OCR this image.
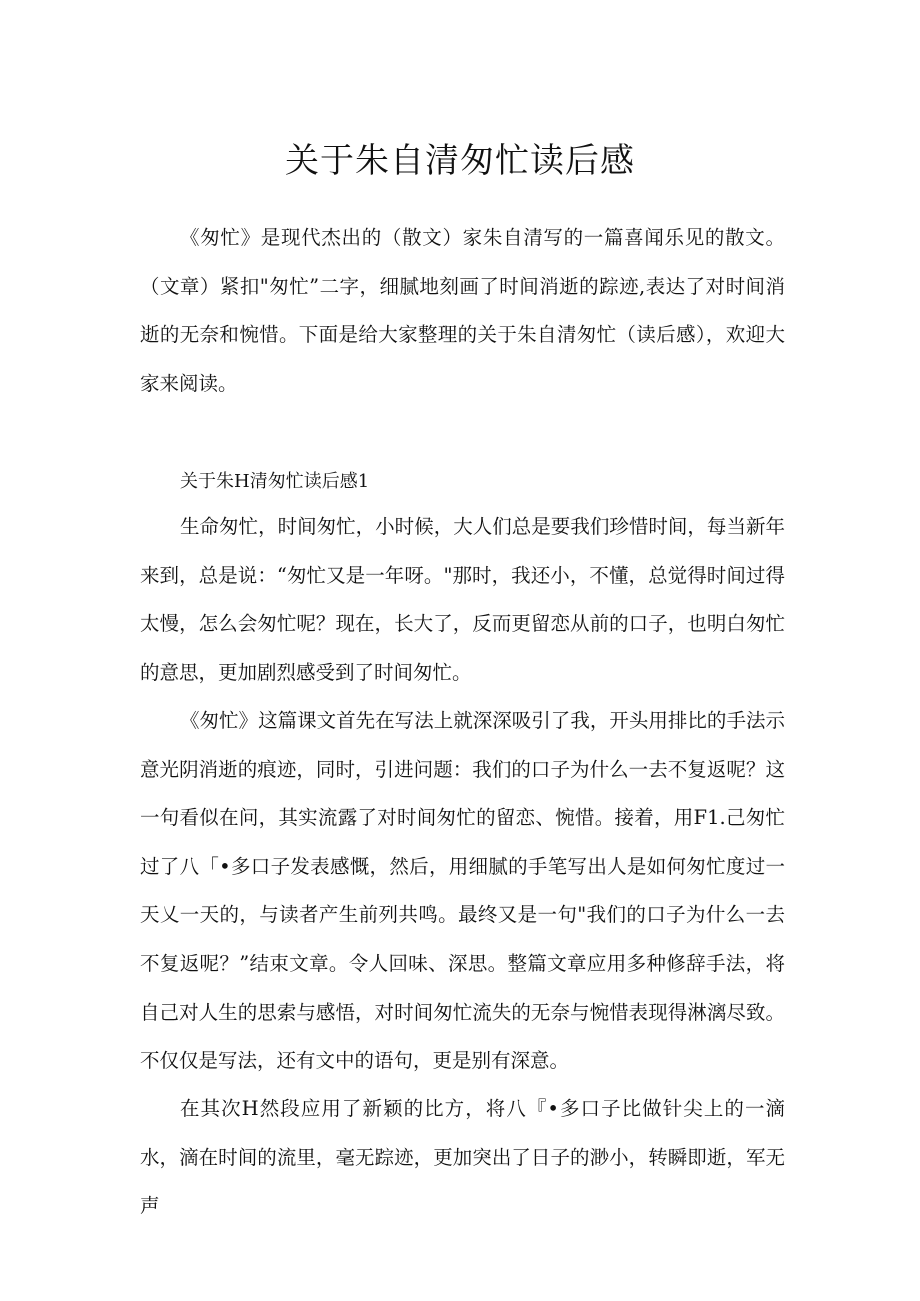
关于朱自清匆忙读后感

《匆忙》是现代杰出的（散文）家朱自清写的一篇喜闻乐见的散文。（文章）紧扣"匆忙”二字，细腻地刻画了时间消逝的踪迹,表达了对时间消逝的无奈和惋惜。下面是给大家整理的关于朱自清匆忙（读后感），欢迎大家来阅读。

关于朱H清匆忙读后感1

生命匆忙，时间匆忙，小时候，大人们总是要我们珍惜时间，每当新年来到，总是说：“匆忙又是一年呀。"那时，我还小，不懂，总觉得时间过得太慢，怎么会匆忙呢？现在，长大了，反而更留恋从前的口子，也明白匆忙的意思，更加剧烈感受到了时间匆忙。

《匆忙》这篇课文首先在写法上就深深吸引了我，开头用排比的手法示意光阴消逝的痕迹，同时，引进问题：我们的口子为什么一去不复返呢？这一句看似在问，其实流露了对时间匆忙的留恋、惋惜。接着，用F1.己匆忙过了八「•多口子发表感慨，然后，用细腻的手笔写出人是如何匆忙度过一天乂一天的，与读者产生前列共鸣。最终又是一句"我们的口子为什么一去不复返呢？”结束文章。令人回味、深思。整篇文章应用多种修辞手法，将自己对人生的思索与感悟，对时间匆忙流失的无奈与惋惜表现得淋漓尽致。不仅仅是写法，还有文中的语句，更是别有深意。

在其次H然段应用了新颖的比方，将八『•多口子比做针尖上的一滴水，滴在时间的流里，毫无踪迹，更加突出了日子的渺小，转瞬即逝，军无声
